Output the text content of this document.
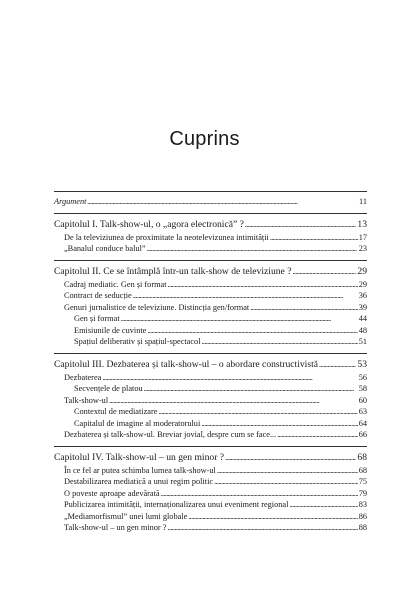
Cuprins
Argument . . .	11
Capitolul I. Talk-show-ul, o „agora electronică” ? . . .	13
De la televiziunea de proximitate la neotelevizunea intimității . . .	17
„Banalul conduce balul” . . .	23
Capitolul II. Ce se întâmplă într-un talk-show de televiziune ? . . .	29
Cadraj mediatic. Gen și format . . .	29
Contract de seducție . . .	36
Genuri jurnalistice de televiziune. Distincția gen/format . . .	39
Gen și format . . .	44
Emisiunile de cuvinte . . .	48
Spațiul deliberativ și spațiul-spectacol . . .	51
Capitolul III. Dezbaterea și talk-show-ul – o abordare constructivistă . . .	53
Dezbaterea . . .	56
Secvențele de platou . . .	58
Talk-show-ul . . .	60
Contextul de mediatizare . . .	63
Capitalul de imagine al moderatorului . . .	64
Dezbaterea și talk-show-ul. Breviar jovial, despre cum se face... . . .	66
Capitolul IV. Talk-show-ul – un gen minor ? . . .	68
În ce fel ar putea schimba lumea talk-show-ul . . .	68
Destabilizarea mediatică a unui regim politic . . .	75
O poveste aproape adevărată . . .	79
Publicizarea intimității, internaționalizarea unui eveniment regional . . .	83
„Mediamorfismul” unei lumi globale . . .	86
Talk-show-ul – un gen minor ? . . .	88
